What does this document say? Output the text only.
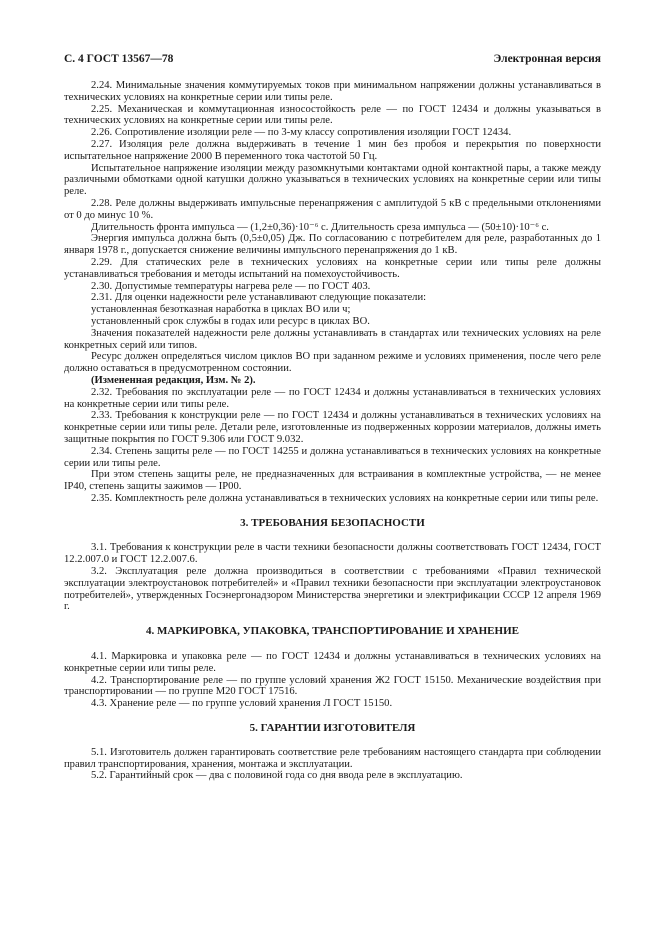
С. 4 ГОСТ 13567—78	Электронная версия

2.24. Минимальные значения коммутируемых токов при минимальном напряжении должны устанавливаться в технических условиях на конкретные серии или типы реле.

2.25. Механическая и коммутационная износостойкость реле — по ГОСТ 12434 и должны указываться в технических условиях на конкретные серии или типы реле.

2.26. Сопротивление изоляции реле — по 3-му классу сопротивления изоляции ГОСТ 12434.

2.27. Изоляция реле должна выдерживать в течение 1 мин без пробоя и перекрытия по поверхности испытательное напряжение 2000 В переменного тока частотой 50 Гц.

Испытательное напряжение изоляции между разомкнутыми контактами одной контактной пары, а также между различными обмотками одной катушки должно указываться в технических условиях на конкретные серии или типы реле.

2.28. Реле должны выдерживать импульсные перенапряжения с амплитудой 5 кВ с предельными отклонениями от 0 до минус 10 %.

Длительность фронта импульса — (1,2±0,36)·10⁻⁶ с. Длительность среза импульса — (50±10)·10⁻⁶ с.

Энергия импульса должна быть (0,5±0,05) Дж. По согласованию с потребителем для реле, разработанных до 1 января 1978 г., допускается снижение величины импульсного перенапряжения до 1 кВ.

2.29. Для статических реле в технических условиях на конкретные серии или типы реле должны устанавливаться требования и методы испытаний на помехоустойчивость.

2.30. Допустимые температуры нагрева реле — по ГОСТ 403.

2.31. Для оценки надежности реле устанавливают следующие показатели:

установленная безотказная наработка в циклах ВО или ч;

установленный срок службы в годах или ресурс в циклах ВО.

Значения показателей надежности реле должны устанавливать в стандартах или технических условиях на реле конкретных серий или типов.

Ресурс должен определяться числом циклов ВО при заданном режиме и условиях применения, после чего реле должно оставаться в предусмотренном состоянии.

(Измененная редакция, Изм. № 2).

2.32. Требования по эксплуатации реле — по ГОСТ 12434 и должны устанавливаться в технических условиях на конкретные серии или типы реле.

2.33. Требования к конструкции реле — по ГОСТ 12434 и должны устанавливаться в технических условиях на конкретные серии или типы реле. Детали реле, изготовленные из подверженных коррозии материалов, должны иметь защитные покрытия по ГОСТ 9.306 или ГОСТ 9.032.

2.34. Степень защиты реле — по ГОСТ 14255 и должна устанавливаться в технических условиях на конкретные серии или типы реле.

При этом степень защиты реле, не предназначенных для встраивания в комплектные устройства, — не менее IP40, степень защиты зажимов — IP00.

2.35. Комплектность реле должна устанавливаться в технических условиях на конкретные серии или типы реле.

3. ТРЕБОВАНИЯ БЕЗОПАСНОСТИ

3.1. Требования к конструкции реле в части техники безопасности должны соответствовать ГОСТ 12434, ГОСТ 12.2.007.0 и ГОСТ 12.2.007.6.

3.2. Эксплуатация реле должна производиться в соответствии с требованиями «Правил технической эксплуатации электроустановок потребителей» и «Правил техники безопасности при эксплуатации электроустановок потребителей», утвержденных Госэнергонадзором Министерства энергетики и электрификации СССР 12 апреля 1969 г.

4. МАРКИРОВКА, УПАКОВКА, ТРАНСПОРТИРОВАНИЕ И ХРАНЕНИЕ

4.1. Маркировка и упаковка реле — по ГОСТ 12434 и должны устанавливаться в технических условиях на конкретные серии или типы реле.

4.2. Транспортирование реле — по группе условий хранения Ж2 ГОСТ 15150. Механические воздействия при транспортировании — по группе М20 ГОСТ 17516.

4.3. Хранение реле — по группе условий хранения Л ГОСТ 15150.

5. ГАРАНТИИ ИЗГОТОВИТЕЛЯ

5.1. Изготовитель должен гарантировать соответствие реле требованиям настоящего стандарта при соблюдении правил транспортирования, хранения, монтажа и эксплуатации.

5.2. Гарантийный срок — два с половиной года со дня ввода реле в эксплуатацию.
